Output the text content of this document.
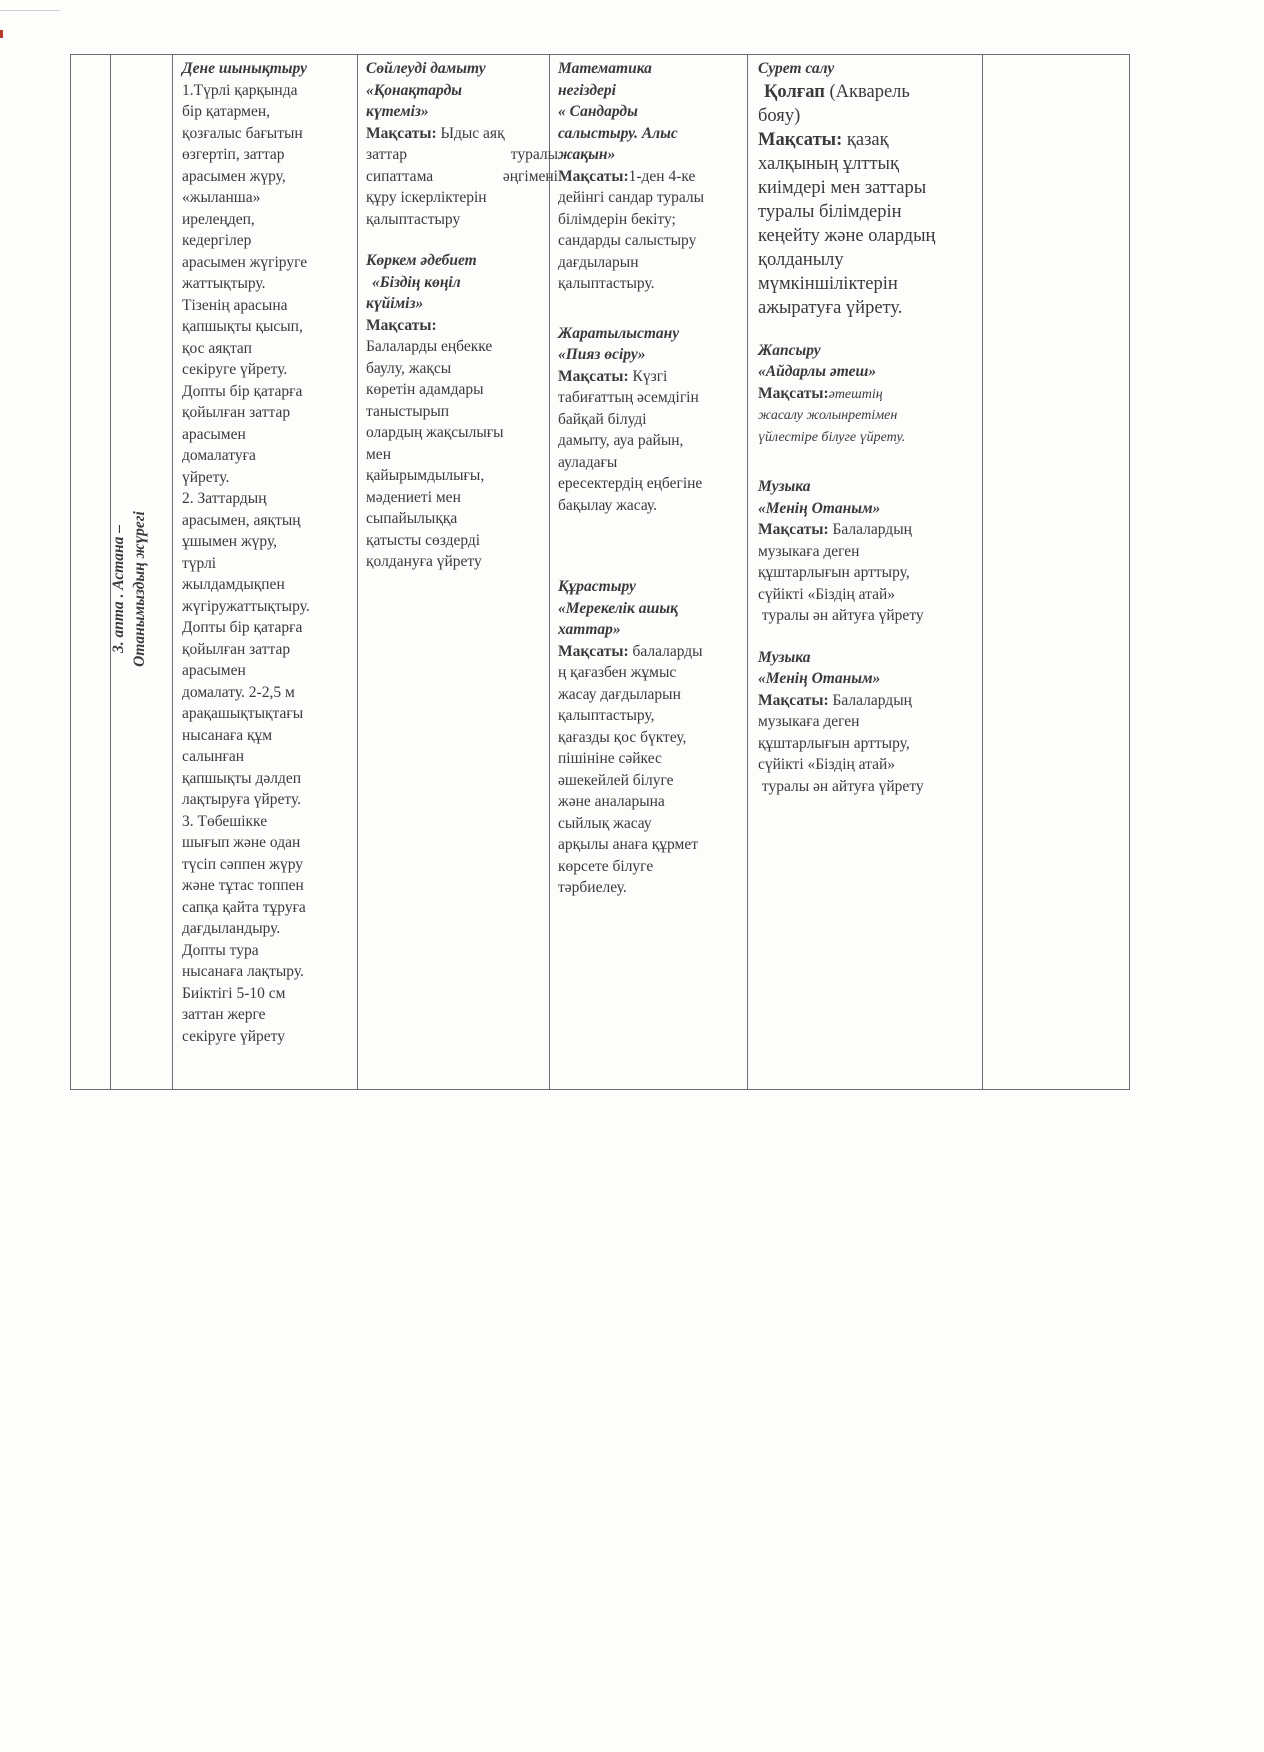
3. апта . Астана – Отанымыздың жүрегі

Дене шынықтыру

1.Түрлі қарқында

бір қатармен,

қозғалыс бағытын

өзгертіп, заттар

арасымен жүру,

«жыланша»

ирелеңдеп,

кедергілер

арасымен жүгіруге

жаттықтыру.

Тізенің арасына

қапшықты қысып,

қос аяқтап

секіруге үйрету.

Допты бір қатарға

қойылған заттар

арасымен

домалатуға

үйрету.

2. Заттардың

арасымен, аяқтың

ұшымен жүру,

түрлі

жылдамдықпен

жүгіружаттықтыру.

Допты бір қатарға

қойылған заттар

арасымен

домалату. 2-2,5 м

арақашықтықтағы

нысанаға құм

салынған

қапшықты дәлдеп

лақтыруға үйрету.

3. Төбешікке

шығып және одан

түсіп сәппен жүру

және тұтас топпен

сапқа қайта тұруға

дағдыландыру.

Допты тура

нысанаға лақтыру.

Биіктігі 5-10 см

заттан жерге

секіруге үйрету

Сөйлеуді дамыту

«Қонақтарды

күтеміз»

Мақсаты: Ыдыс аяқ

заттар туралы

сипаттама әңгімені

құру іскерліктерін

қалыптастыру

Көркем әдебиет

«Біздің көңіл

күйіміз»

Мақсаты:

Балаларды еңбекке

баулу, жақсы

көретін адамдары

таныстырып

олардың жақсылығы

мен

қайырымдылығы,

мәдениеті мен

сыпайылыққа

қатысты сөздерді

қолдануға үйрету

Математика

негіздері

« Сандарды

салыстыру. Алыс

жақын»

Мақсаты:1-ден 4-ке

дейінгі сандар туралы

білімдерін бекіту;

сандарды салыстыру

дағдыларын

қалыптастыру.

Жаратылыстану

«Пияз өсіру»

Мақсаты: Күзгі

табиғаттың әсемдігін

байқай білуді

дамыту, ауа райын,

ауладағы

ересектердің еңбегіне

бақылау жасау.

Құрастыру

«Мерекелік ашық

хаттар»

Мақсаты: балаларды

ң қағазбен жұмыс

жасау дағдыларын

қалыптастыру,

қағазды қос бүктеу,

пішініне сәйкес

әшекейлей білуге

және аналарына

сыйлық жасау

арқылы анаға құрмет

көрсете білуге

тәрбиелеу.

Сурет салу

Қолғап (Акварель

бояу)

Мақсаты: қазақ

халқының ұлттық

киімдері мен заттары

туралы білімдерін

кеңейту және олардың

қолданылу

мүмкіншіліктерін

ажыратуға үйрету.

Жапсыру

«Айдарлы әтеш»

Мақсаты:әтештің

жасалу жолынретімен

үйлестіре білуге үйрету.

Музыка

«Менің Отаным»

Мақсаты: Балалардың

музыкаға деген

құштарлығын арттыру,

сүйікті «Біздің атай»

туралы ән айтуға үйрету

Музыка

«Менің Отаным»

Мақсаты: Балалардың

музыкаға деген

құштарлығын арттыру,

сүйікті «Біздің атай»

туралы ән айтуға үйрету
